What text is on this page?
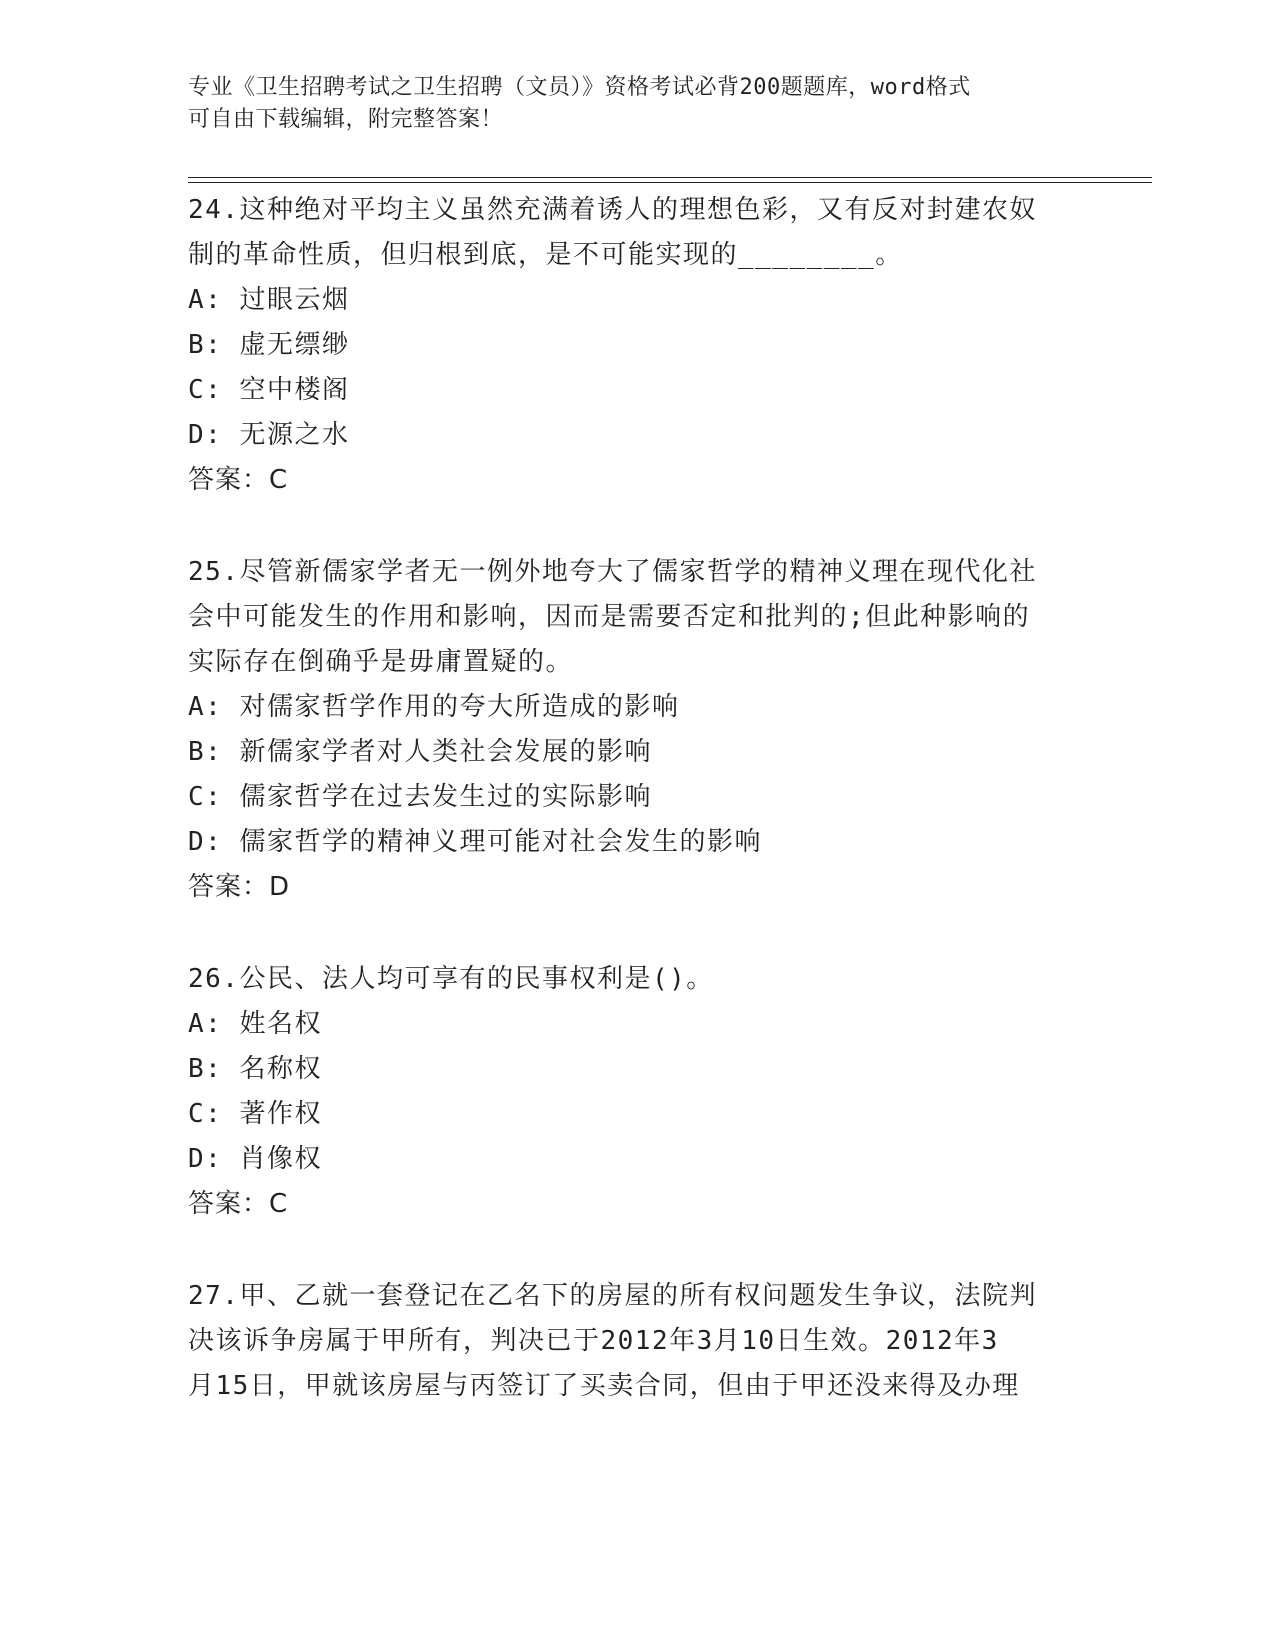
专业《卫生招聘考试之卫生招聘（文员）》资格考试必背200题题库，word格式
可自由下载编辑，附完整答案！
24.这种绝对平均主义虽然充满着诱人的理想色彩，又有反对封建农奴
制的革命性质，但归根到底，是不可能实现的________。
A: 过眼云烟
B: 虚无缥缈
C: 空中楼阁
D: 无源之水
答案：C
25.尽管新儒家学者无一例外地夸大了儒家哲学的精神义理在现代化社
会中可能发生的作用和影响，因而是需要否定和批判的;但此种影响的
实际存在倒确乎是毋庸置疑的。
A: 对儒家哲学作用的夸大所造成的影响
B: 新儒家学者对人类社会发展的影响
C: 儒家哲学在过去发生过的实际影响
D: 儒家哲学的精神义理可能对社会发生的影响
答案：D
26.公民、法人均可享有的民事权利是()。
A: 姓名权
B: 名称权
C: 著作权
D: 肖像权
答案：C
27.甲、乙就一套登记在乙名下的房屋的所有权问题发生争议，法院判
决该诉争房属于甲所有，判决已于2012年3月10日生效。2012年3
月15日，甲就该房屋与丙签订了买卖合同，但由于甲还没来得及办理
